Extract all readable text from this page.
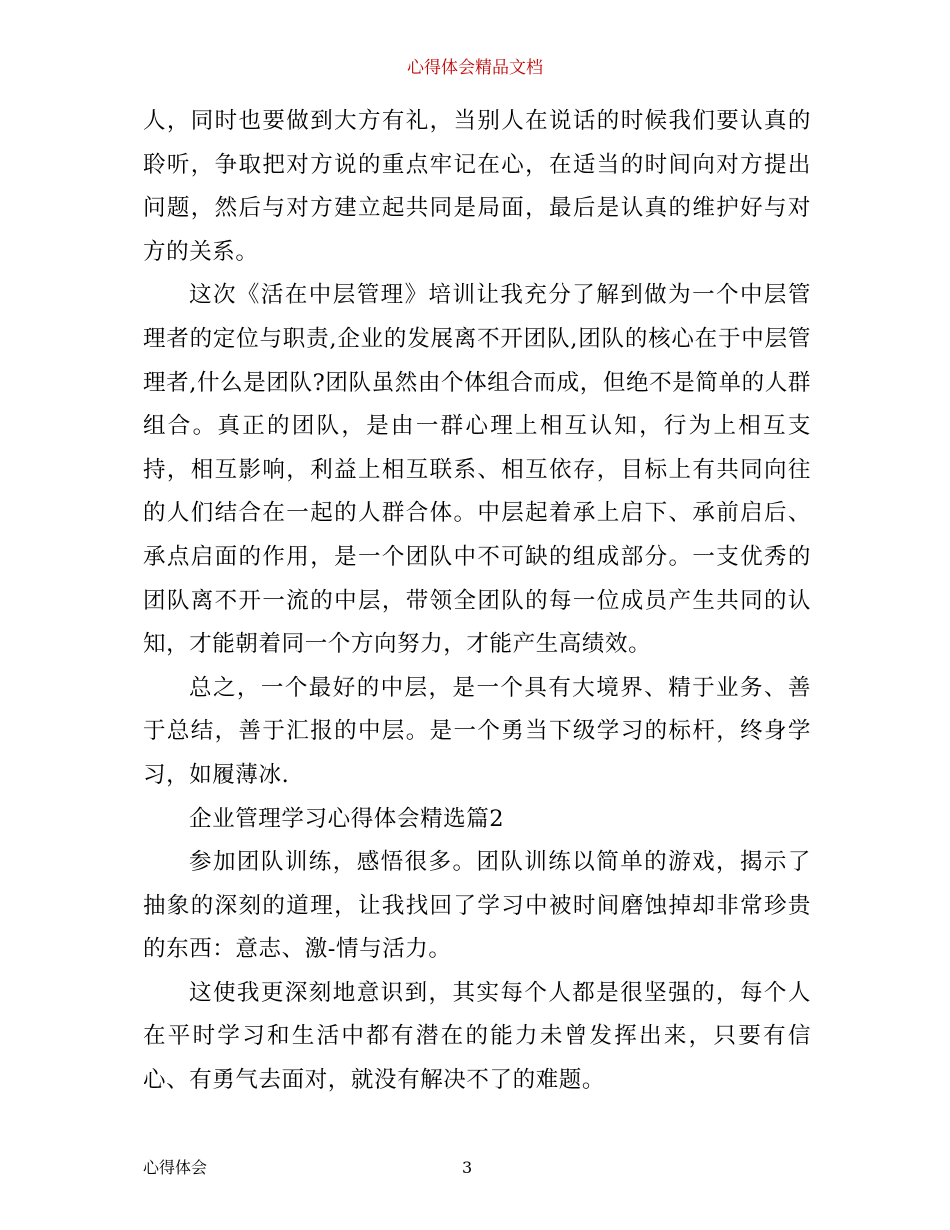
心得体会精品文档

人，同时也要做到大方有礼，当别人在说话的时候我们要认真的聆听，争取把对方说的重点牢记在心，在适当的时间向对方提出问题，然后与对方建立起共同是局面，最后是认真的维护好与对方的关系。

这次《活在中层管理》培训让我充分了解到做为一个中层管理者的定位与职责,企业的发展离不开团队,团队的核心在于中层管理者,什么是团队?团队虽然由个体组合而成，但绝不是简单的人群组合。真正的团队，是由一群心理上相互认知，行为上相互支持，相互影响，利益上相互联系、相互依存，目标上有共同向往的人们结合在一起的人群合体。中层起着承上启下、承前启后、承点启面的作用，是一个团队中不可缺的组成部分。一支优秀的团队离不开一流的中层，带领全团队的每一位成员产生共同的认知，才能朝着同一个方向努力，才能产生高绩效。

总之，一个最好的中层，是一个具有大境界、精于业务、善于总结，善于汇报的中层。是一个勇当下级学习的标杆，终身学习，如履薄冰.

企业管理学习心得体会精选篇2

参加团队训练，感悟很多。团队训练以简单的游戏，揭示了抽象的深刻的道理，让我找回了学习中被时间磨蚀掉却非常珍贵的东西：意志、激-情与活力。

这使我更深刻地意识到，其实每个人都是很坚强的，每个人在平时学习和生活中都有潜在的能力未曾发挥出来，只要有信心、有勇气去面对，就没有解决不了的难题。

心得体会	3
